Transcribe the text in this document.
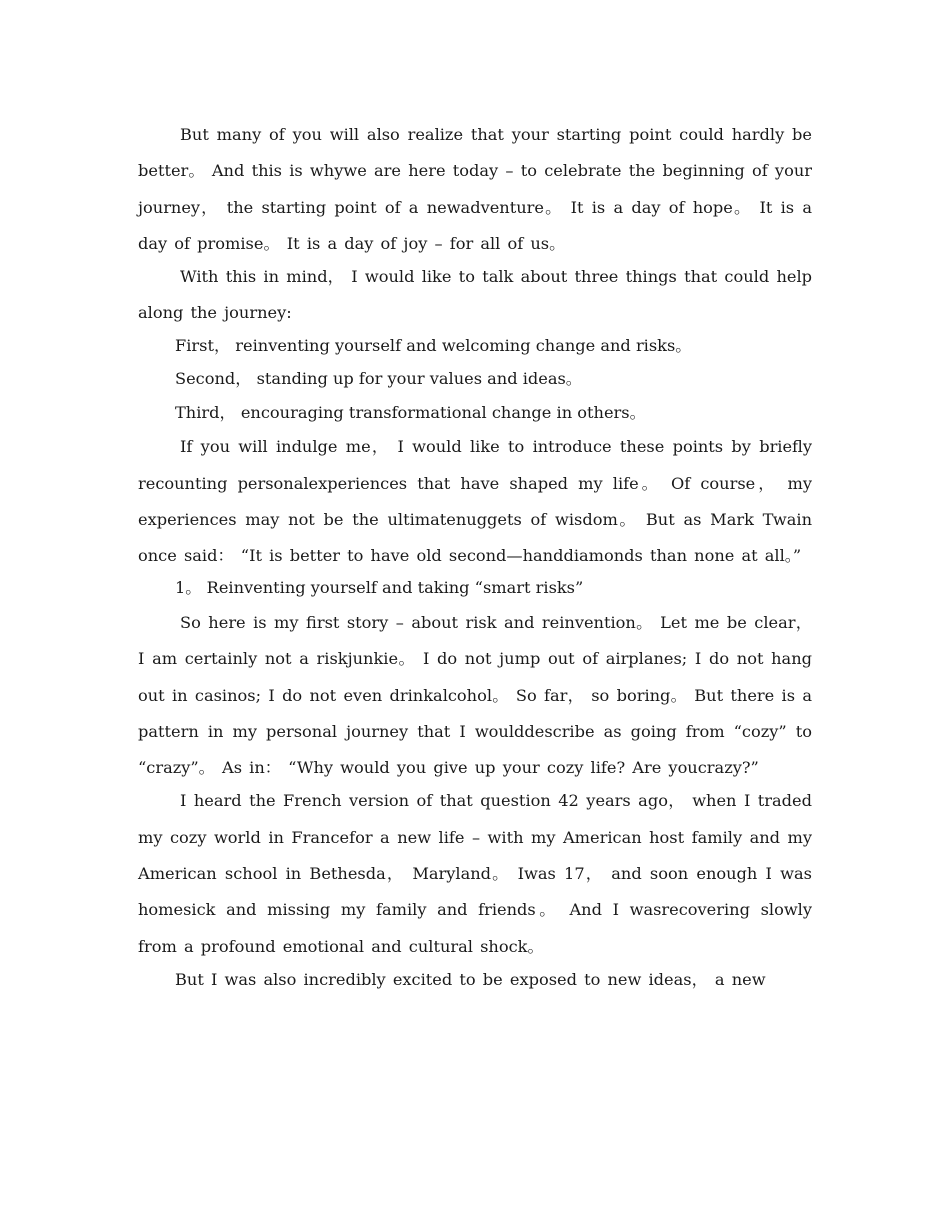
But many of you will also realize that your starting point could hardly be better。 And this is whywe are here today – to celebrate the beginning of your journey， the starting point of a newadventure。 It is a day of hope。 It is a day of promise。 It is a day of joy – for all of us。

With this in mind， I would like to talk about three things that could help along the journey:

First， reinventing yourself and welcoming change and risks。

Second， standing up for your values and ideas。

Third， encouraging transformational change in others。

If you will indulge me， I would like to introduce these points by briefly recounting personalexperiences that have shaped my life。 Of course， my experiences may not be the ultimatenuggets of wisdom。 But as Mark Twain once said： “It is better to have old second—handdiamonds than none at all。”

1。 Reinventing yourself and taking “smart risks”

So here is my first story – about risk and reinvention。 Let me be clear， I am certainly not a riskjunkie。 I do not jump out of airplanes; I do not hang out in casinos; I do not even drinkalcohol。 So far， so boring。 But there is a pattern in my personal journey that I woulddescribe as going from “cozy” to “crazy”。 As in： “Why would you give up your cozy life? Are youcrazy?”

I heard the French version of that question 42 years ago， when I traded my cozy world in Francefor a new life – with my American host family and my American school in Bethesda， Maryland。 Iwas 17， and soon enough I was homesick and missing my family and friends。 And I wasrecovering slowly from a profound emotional and cultural shock。

But I was also incredibly excited to be exposed to new ideas， a new
